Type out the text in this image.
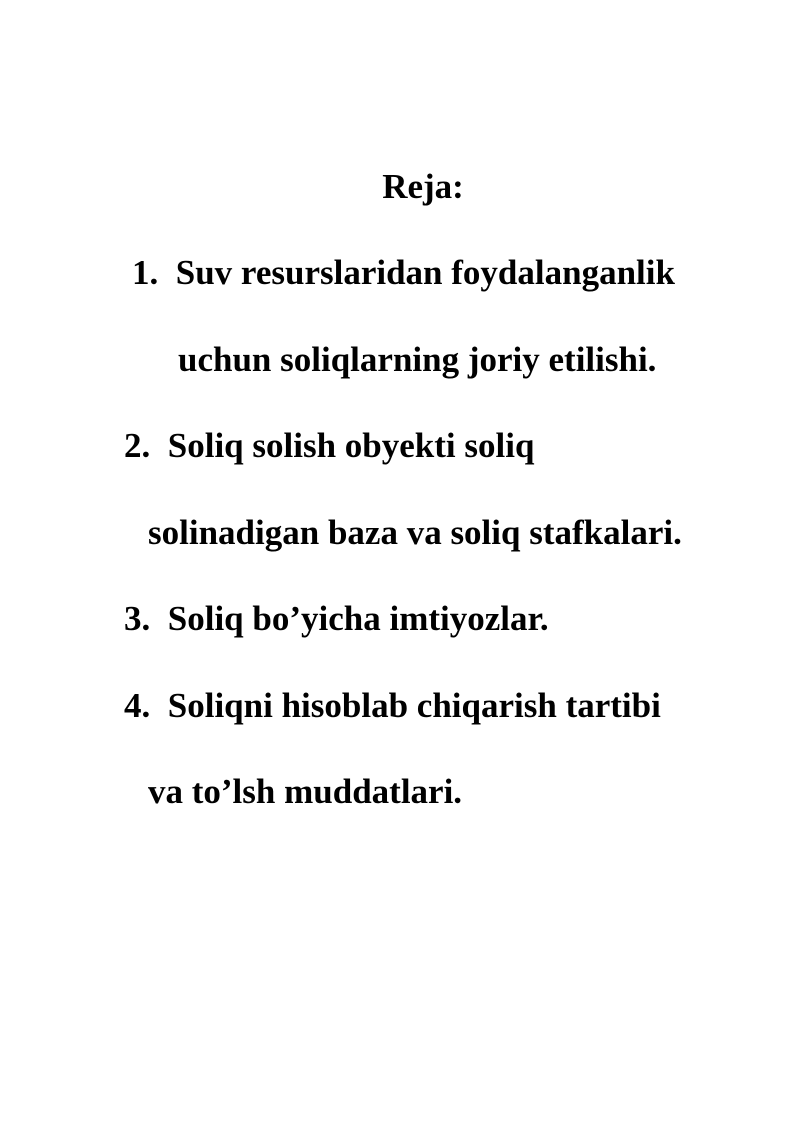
Reja:
1. Suv resurslaridan foydalanganlik
uchun soliqlarning joriy etilishi.
2. Soliq solish obyekti soliq
solinadigan baza va soliq stafkalari.
3. Soliq bo’yicha imtiyozlar.
4. Soliqni hisoblab chiqarish tartibi
va to’lsh muddatlari.
